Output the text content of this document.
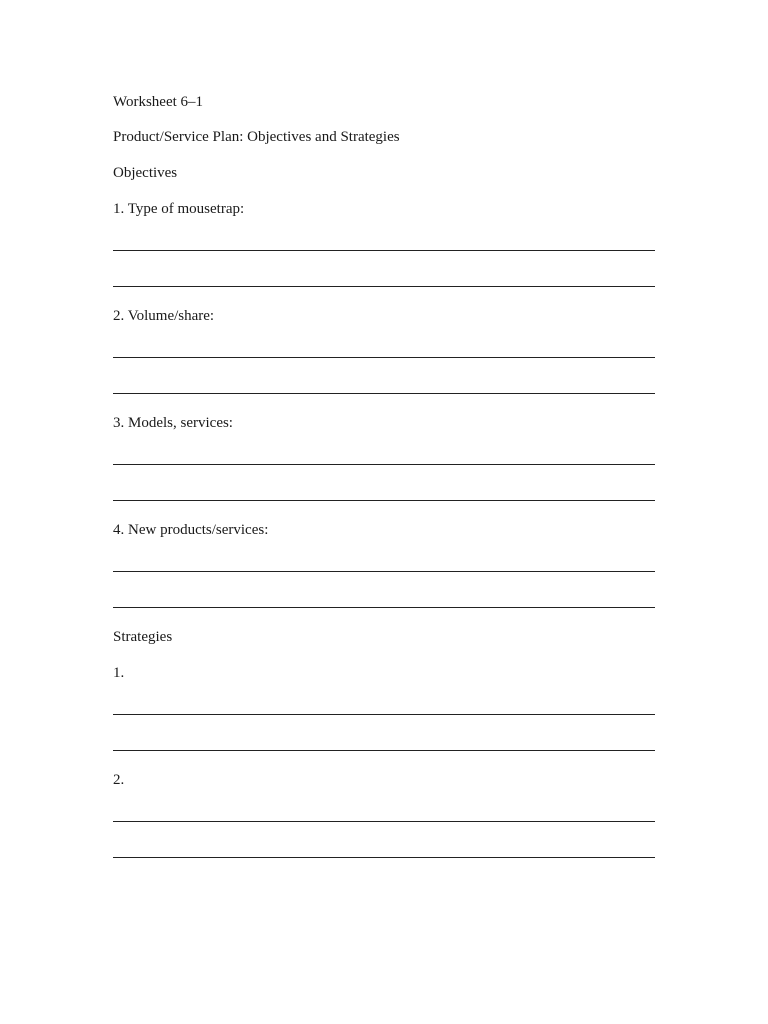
Worksheet 6–1
Product/Service Plan: Objectives and Strategies
Objectives
1. Type of mousetrap:
2. Volume/share:
3. Models, services:
4. New products/services:
Strategies
1.
2.
